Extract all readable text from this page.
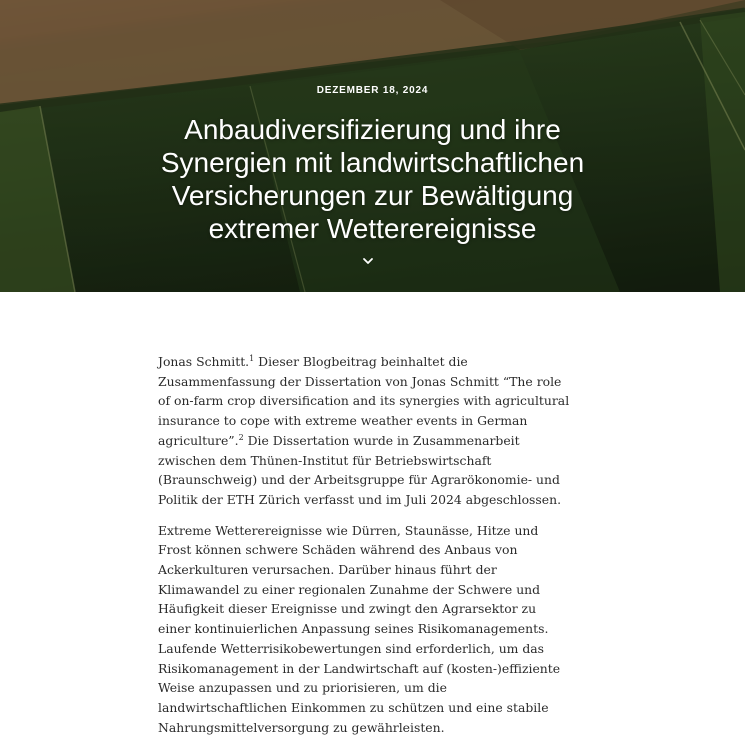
DEZEMBER 18, 2024
Anbaudiversifizierung und ihre Synergien mit landwirtschaftlichen Versicherungen zur Bewältigung extremer Wetterereignisse

Jonas Schmitt.$^1$ Dieser Blogbeitrag beinhaltet die Zusammenfassung der Dissertation von Jonas Schmitt “The role of on-farm crop diversification and its synergies with agricultural insurance to cope with extreme weather events in German agriculture”.$^2$ Die Dissertation wurde in Zusammenarbeit zwischen dem Thünen-Institut für Betriebswirtschaft (Braunschweig) und der Arbeitsgruppe für Agrarökonomie- und Politik der ETH Zürich verfasst und im Juli 2024 abgeschlossen.

Extreme Wetterereignisse wie Dürren, Staunässe, Hitze und Frost können schwere Schäden während des Anbaus von Ackerkulturen verursachen. Darüber hinaus führt der Klimawandel zu einer regionalen Zunahme der Schwere und Häufigkeit dieser Ereignisse und zwingt den Agrarsektor zu einer kontinuierlichen Anpassung seines Risikomanagements. Laufende Wetterrisikobewertungen sind erforderlich, um das Risikomanagement in der Landwirtschaft auf (kosten-)effiziente Weise anzupassen und zu priorisieren, um die landwirtschaftlichen Einkommen zu schützen und eine stabile Nahrungsmittelversorgung zu gewährleisten.
